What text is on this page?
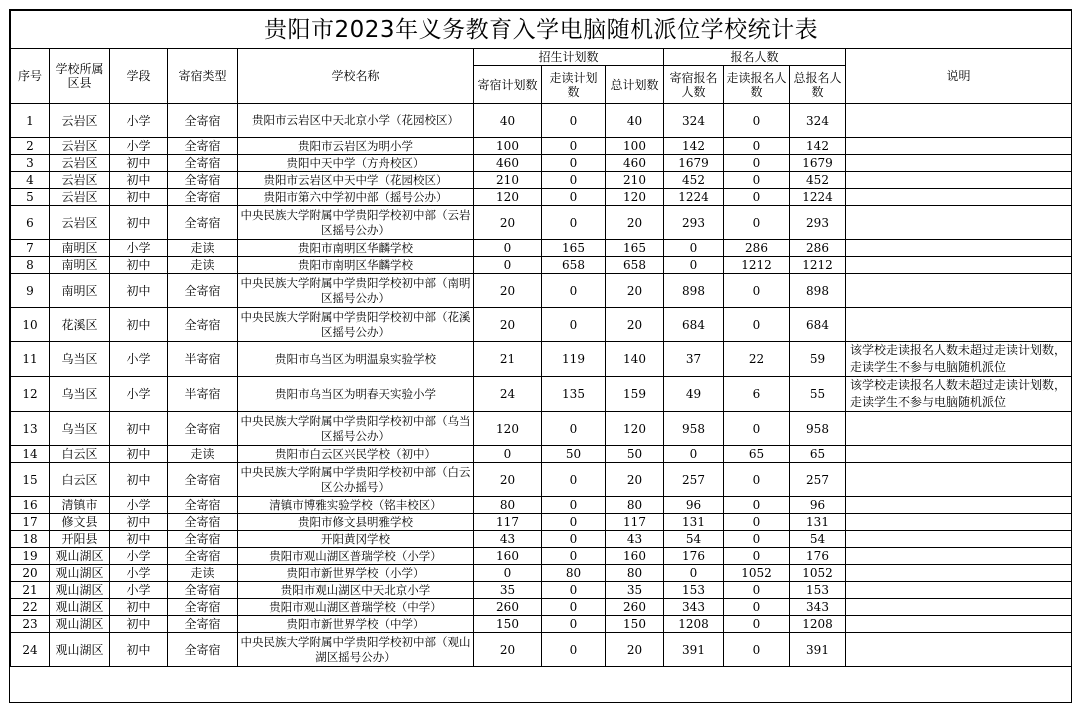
贵阳市2023年义务教育入学电脑随机派位学校统计表											
序号	学校所属区县	学段	寄宿类型	学校名称	招生计划数			报名人数			说明
					寄宿计划数	走读计划数	总计划数	寄宿报名人数	走读报名人数	总报名人数	
1	云岩区	小学	全寄宿	贵阳市云岩区中天北京小学（花园校区）	40	0	40	324	0	324	
2	云岩区	小学	全寄宿	贵阳市云岩区为明小学	100	0	100	142	0	142	
3	云岩区	初中	全寄宿	贵阳中天中学（方舟校区）	460	0	460	1679	0	1679	
4	云岩区	初中	全寄宿	贵阳市云岩区中天中学（花园校区）	210	0	210	452	0	452	
5	云岩区	初中	全寄宿	贵阳市第六中学初中部（摇号公办）	120	0	120	1224	0	1224	
6	云岩区	初中	全寄宿	中央民族大学附属中学贵阳学校初中部（云岩区摇号公办）	20	0	20	293	0	293	
7	南明区	小学	走读	贵阳市南明区华麟学校	0	165	165	0	286	286	
8	南明区	初中	走读	贵阳市南明区华麟学校	0	658	658	0	1212	1212	
9	南明区	初中	全寄宿	中央民族大学附属中学贵阳学校初中部（南明区摇号公办）	20	0	20	898	0	898	
10	花溪区	初中	全寄宿	中央民族大学附属中学贵阳学校初中部（花溪区摇号公办）	20	0	20	684	0	684	
11	乌当区	小学	半寄宿	贵阳市乌当区为明温泉实验学校	21	119	140	37	22	59	该学校走读报名人数未超过走读计划数，走读学生不参与电脑随机派位
12	乌当区	小学	半寄宿	贵阳市乌当区为明春天实验小学	24	135	159	49	6	55	该学校走读报名人数未超过走读计划数，走读学生不参与电脑随机派位
13	乌当区	初中	全寄宿	中央民族大学附属中学贵阳学校初中部（乌当区摇号公办）	120	0	120	958	0	958	
14	白云区	初中	走读	贵阳市白云区兴民学校（初中）	0	50	50	0	65	65	
15	白云区	初中	全寄宿	中央民族大学附属中学贵阳学校初中部（白云区公办摇号）	20	0	20	257	0	257	
16	清镇市	小学	全寄宿	清镇市博雅实验学校（铭丰校区）	80	0	80	96	0	96	
17	修文县	初中	全寄宿	贵阳市修文县明雅学校	117	0	117	131	0	131	
18	开阳县	初中	全寄宿	开阳黄冈学校	43	0	43	54	0	54	
19	观山湖区	小学	全寄宿	贵阳市观山湖区普瑞学校（小学）	160	0	160	176	0	176	
20	观山湖区	小学	走读	贵阳市新世界学校（小学）	0	80	80	0	1052	1052	
21	观山湖区	小学	全寄宿	贵阳市观山湖区中天北京小学	35	0	35	153	0	153	
22	观山湖区	初中	全寄宿	贵阳市观山湖区普瑞学校（中学）	260	0	260	343	0	343	
23	观山湖区	初中	全寄宿	贵阳市新世界学校（中学）	150	0	150	1208	0	1208	
24	观山湖区	初中	全寄宿	中央民族大学附属中学贵阳学校初中部（观山湖区摇号公办）	20	0	20	391	0	391	
